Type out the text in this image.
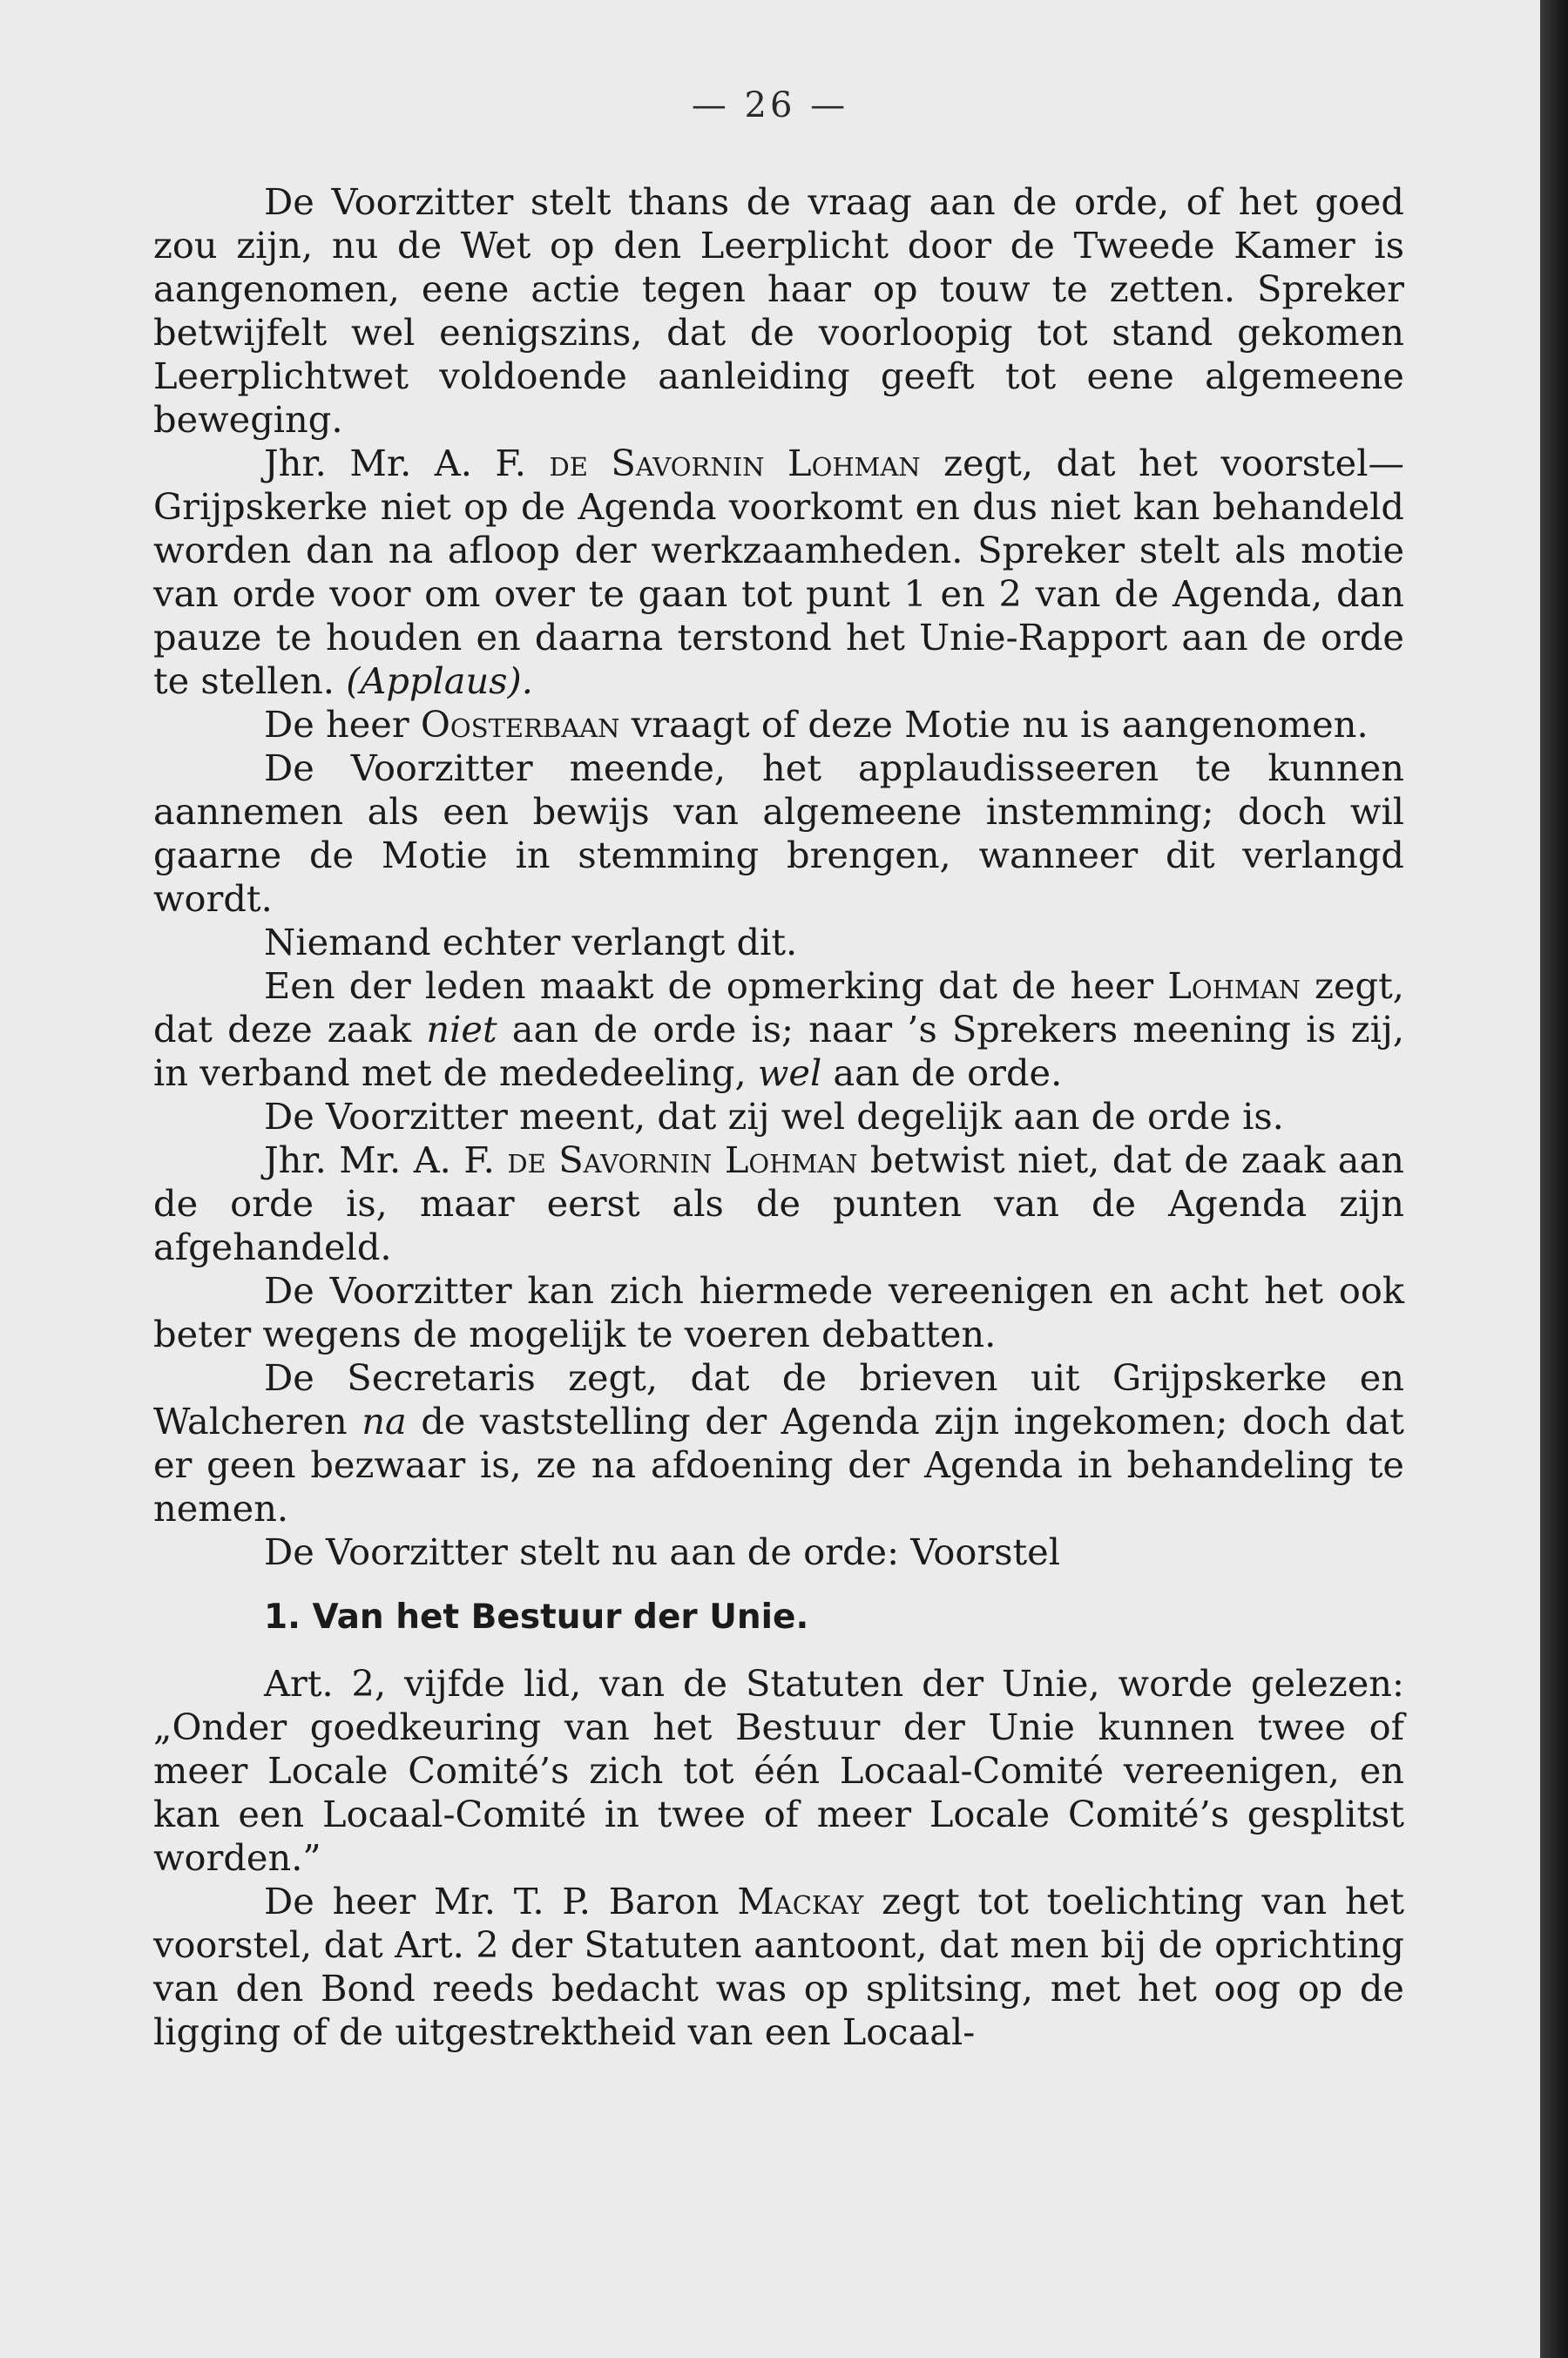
— 26 —

De Voorzitter stelt thans de vraag aan de orde, of het goed zou zijn, nu de Wet op den Leerplicht door de Tweede Kamer is aangenomen, eene actie tegen haar op touw te zetten. Spreker betwijfelt wel eenigszins, dat de voorloopig tot stand gekomen Leerplichtwet voldoende aanleiding geeft tot eene algemeene beweging.

Jhr. Mr. A. F. de Savornin Lohman zegt, dat het voorstel—Grijpskerke niet op de Agenda voorkomt en dus niet kan behandeld worden dan na afloop der werkzaamheden. Spreker stelt als motie van orde voor om over te gaan tot punt 1 en 2 van de Agenda, dan pauze te houden en daarna terstond het Unie-Rapport aan de orde te stellen. (Applaus).

De heer Oosterbaan vraagt of deze Motie nu is aangenomen.

De Voorzitter meende, het applaudisseeren te kunnen aannemen als een bewijs van algemeene instemming; doch wil gaarne de Motie in stemming brengen, wanneer dit verlangd wordt.

Niemand echter verlangt dit.

Een der leden maakt de opmerking dat de heer Lohman zegt, dat deze zaak niet aan de orde is; naar ’s Sprekers meening is zij, in verband met de mededeeling, wel aan de orde.

De Voorzitter meent, dat zij wel degelijk aan de orde is.

Jhr. Mr. A. F. de Savornin Lohman betwist niet, dat de zaak aan de orde is, maar eerst als de punten van de Agenda zijn afgehandeld.

De Voorzitter kan zich hiermede vereenigen en acht het ook beter wegens de mogelijk te voeren debatten.

De Secretaris zegt, dat de brieven uit Grijpskerke en Walcheren na de vaststelling der Agenda zijn ingekomen; doch dat er geen bezwaar is, ze na afdoening der Agenda in behandeling te nemen.

De Voorzitter stelt nu aan de orde: Voorstel

1. Van het Bestuur der Unie.

Art. 2, vijfde lid, van de Statuten der Unie, worde gelezen: „Onder goedkeuring van het Bestuur der Unie kunnen twee of meer Locale Comité’s zich tot één Locaal-Comité vereenigen, en kan een Locaal-Comité in twee of meer Locale Comité’s gesplitst worden.”

De heer Mr. T. P. Baron Mackay zegt tot toelichting van het voorstel, dat Art. 2 der Statuten aantoont, dat men bij de oprichting van den Bond reeds bedacht was op splitsing, met het oog op de ligging of de uitgestrektheid van een Locaal-
